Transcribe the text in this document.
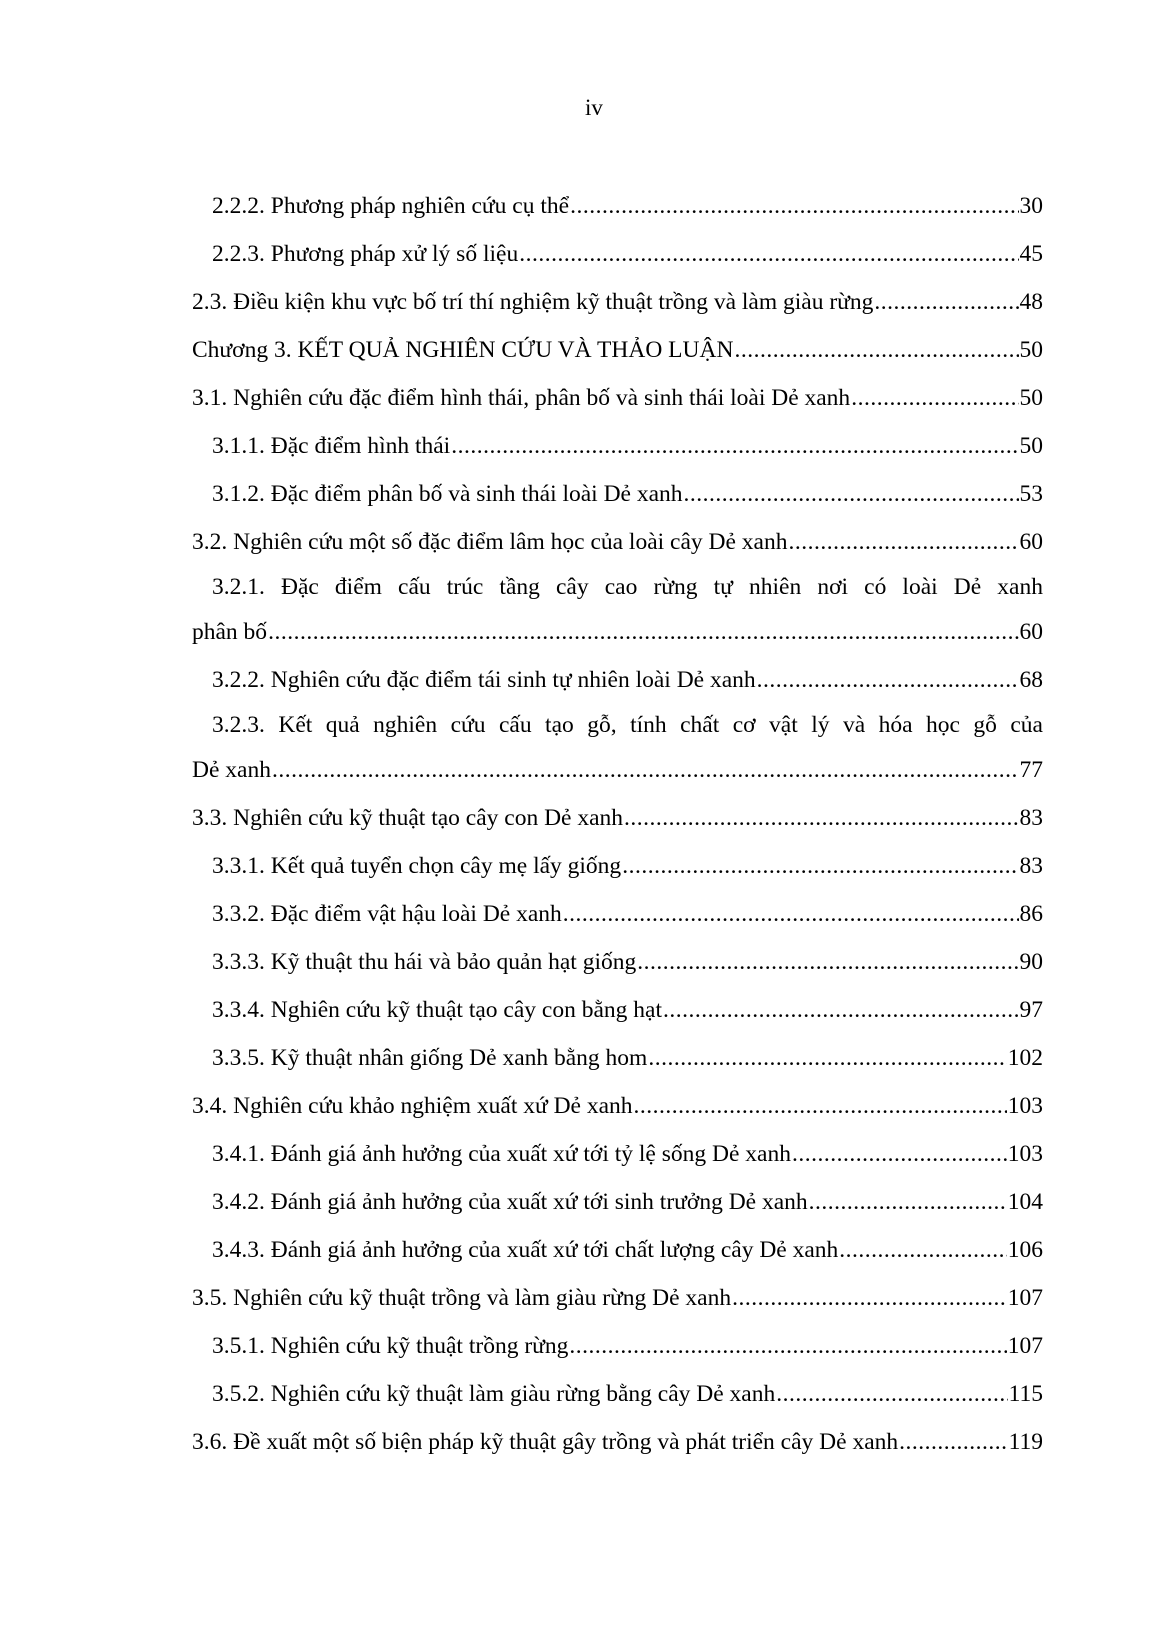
iv
2.2.2. Phương pháp nghiên cứu cụ thể .....	30
2.2.3. Phương pháp xử lý số liệu .....	45
2.3. Điều kiện khu vực bố trí thí nghiệm kỹ thuật trồng và làm giàu rừng .....	48
Chương 3. KẾT QUẢ NGHIÊN CỨU VÀ THẢO LUẬN .....	50
3.1. Nghiên cứu đặc điểm hình thái, phân bố và sinh thái loài Dẻ xanh .....	50
3.1.1. Đặc điểm hình thái .....	50
3.1.2. Đặc điểm phân bố và sinh thái loài Dẻ xanh .....	53
3.2. Nghiên cứu một số đặc điểm lâm học của loài cây Dẻ xanh .....	60
3.2.1. Đặc điểm cấu trúc tầng cây cao rừng tự nhiên nơi có loài Dẻ xanh
phân bố .....	60
3.2.2. Nghiên cứu đặc điểm tái sinh tự nhiên loài Dẻ xanh .....	68
3.2.3. Kết quả nghiên cứu cấu tạo gỗ, tính chất cơ vật lý và hóa học gỗ của
Dẻ xanh .....	77
3.3. Nghiên cứu kỹ thuật tạo cây con Dẻ xanh .....	83
3.3.1. Kết quả tuyển chọn cây mẹ lấy giống .....	83
3.3.2. Đặc điểm vật hậu loài Dẻ xanh .....	86
3.3.3. Kỹ thuật thu hái và bảo quản hạt giống .....	90
3.3.4. Nghiên cứu kỹ thuật tạo cây con bằng hạt .....	97
3.3.5. Kỹ thuật nhân giống Dẻ xanh bằng hom .....	102
3.4. Nghiên cứu khảo nghiệm xuất xứ Dẻ xanh .....	103
3.4.1. Đánh giá ảnh hưởng của xuất xứ tới tỷ lệ sống Dẻ xanh .....	103
3.4.2. Đánh giá ảnh hưởng của xuất xứ tới sinh trưởng Dẻ xanh .....	104
3.4.3. Đánh giá ảnh hưởng của xuất xứ tới chất lượng cây Dẻ xanh .....	106
3.5. Nghiên cứu kỹ thuật trồng và làm giàu rừng Dẻ xanh .....	107
3.5.1. Nghiên cứu kỹ thuật trồng rừng .....	107
3.5.2. Nghiên cứu kỹ thuật làm giàu rừng bằng cây Dẻ xanh .....	115
3.6. Đề xuất một số biện pháp kỹ thuật gây trồng và phát triển cây Dẻ xanh .....	119
